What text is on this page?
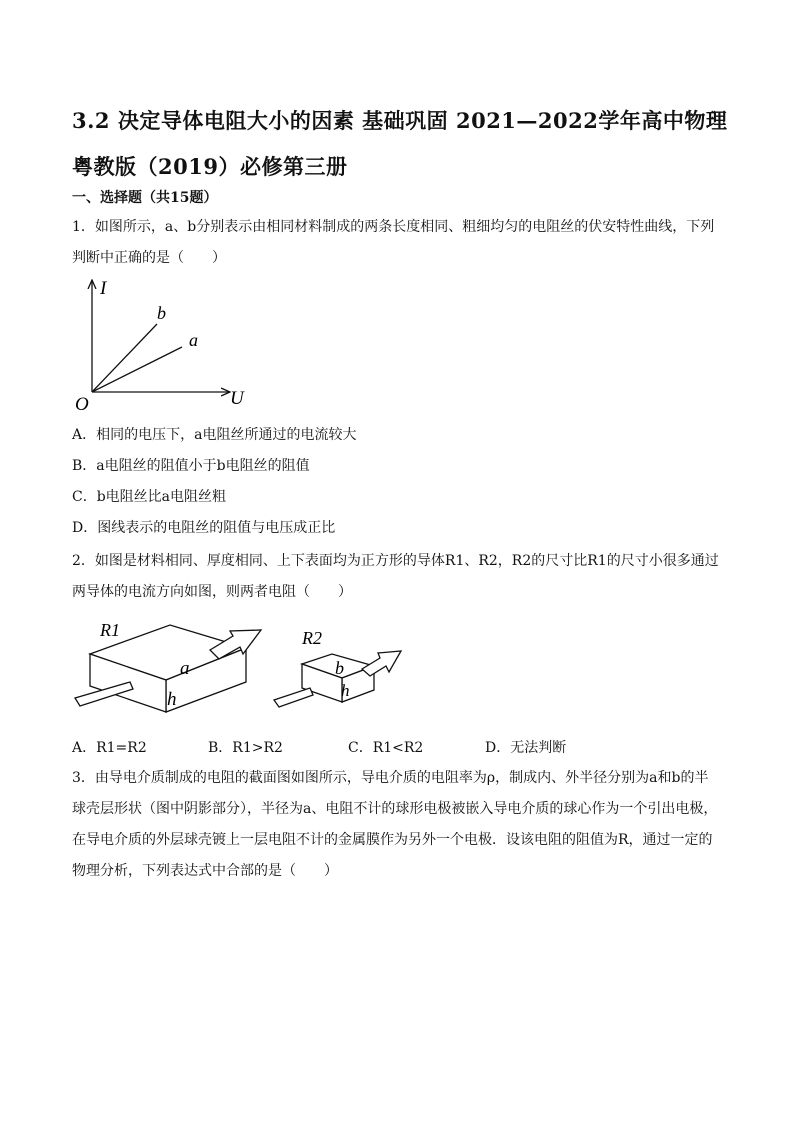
3.2 决定导体电阻大小的因素 基础巩固 2021—2022学年高中物理粤教版（2019）必修第三册
一、选择题（共15题）
1．如图所示，a、b分别表示由相同材料制成的两条长度相同、粗细均匀的电阻丝的伏安特性曲线，下列判断中正确的是（　　）
I
U
O
b
a
A．相同的电压下，a电阻丝所通过的电流较大
B．a电阻丝的阻值小于b电阻丝的阻值
C．b电阻丝比a电阻丝粗
D．图线表示的电阻丝的阻值与电压成正比
2．如图是材料相同、厚度相同、上下表面均为正方形的导体R1、R2，R2的尺寸比R1的尺寸小很多通过两导体的电流方向如图，则两者电阻（　　）
R1	R2
a
h
b
h
A．R1=R2	B．R1>R2	C．R1<R2	D．无法判断
3．由导电介质制成的电阻的截面图如图所示，导电介质的电阻率为ρ，制成内、外半径分别为a和b的半球壳层形状（图中阴影部分），半径为a、电阻不计的球形电极被嵌入导电介质的球心作为一个引出电极，在导电介质的外层球壳镀上一层电阻不计的金属膜作为另外一个电极．设该电阻的阻值为R，通过一定的物理分析，下列表达式中合部的是（　　）
